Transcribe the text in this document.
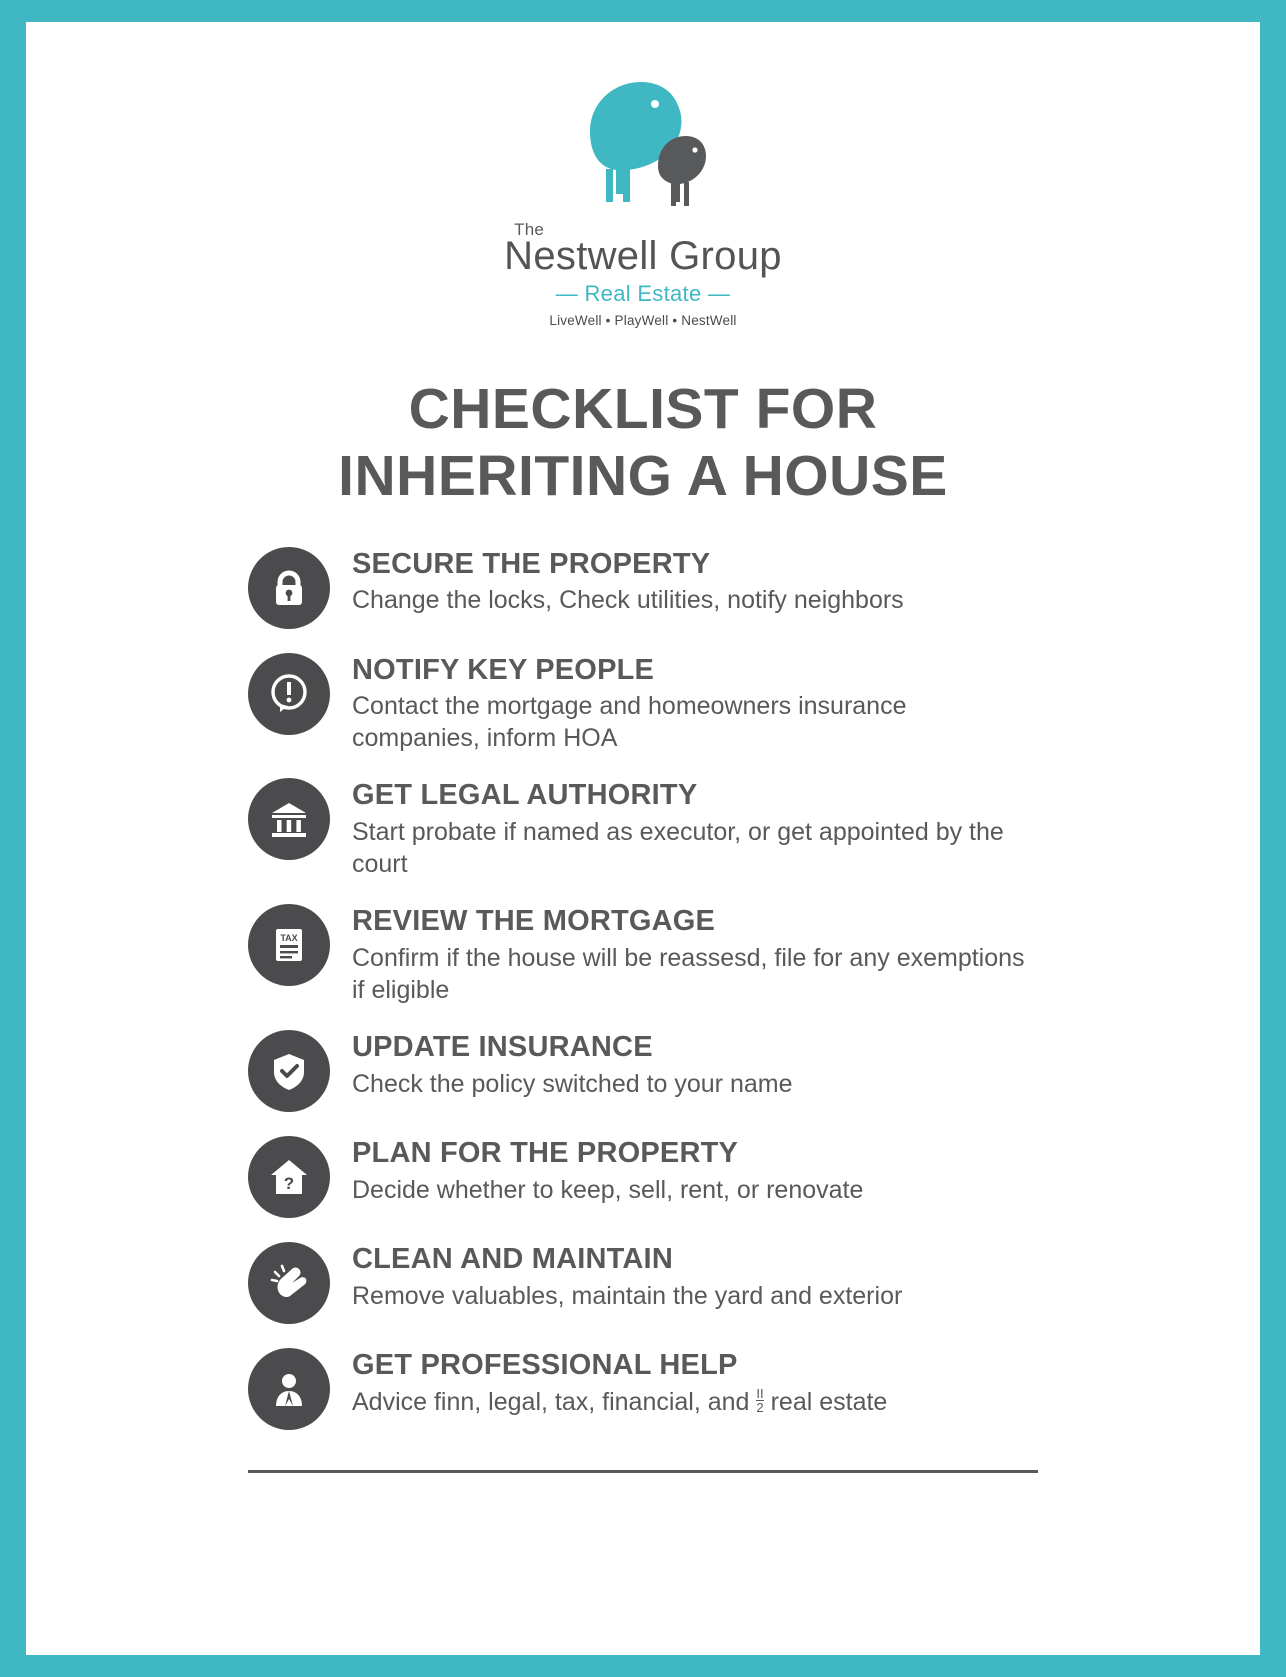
The
Nestwell Group
— Real Estate —
LiveWell • PlayWell • NestWell
CHECKLIST FOR
INHERITING A HOUSE
SECURE THE PROPERTY
Change the locks, Check utilities, notify neighbors
NOTIFY KEY PEOPLE
Contact the mortgage and homeowners insurance companies, inform HOA
GET LEGAL AUTHORITY
Start probate if named as executor, or get appointed by the court
TAX
REVIEW THE MORTGAGE
Confirm if the house will be reassesd, file for any exemptions if eligible
UPDATE INSURANCE
Check the policy switched to your name
?
PLAN FOR THE PROPERTY
Decide whether to keep, sell, rent, or renovate
CLEAN AND MAINTAIN
Remove valuables, maintain the yard and exterior
GET PROFESSIONAL HELP
Advice finn, legal, tax, financial, and $\frac{II}{2}$ real estate
